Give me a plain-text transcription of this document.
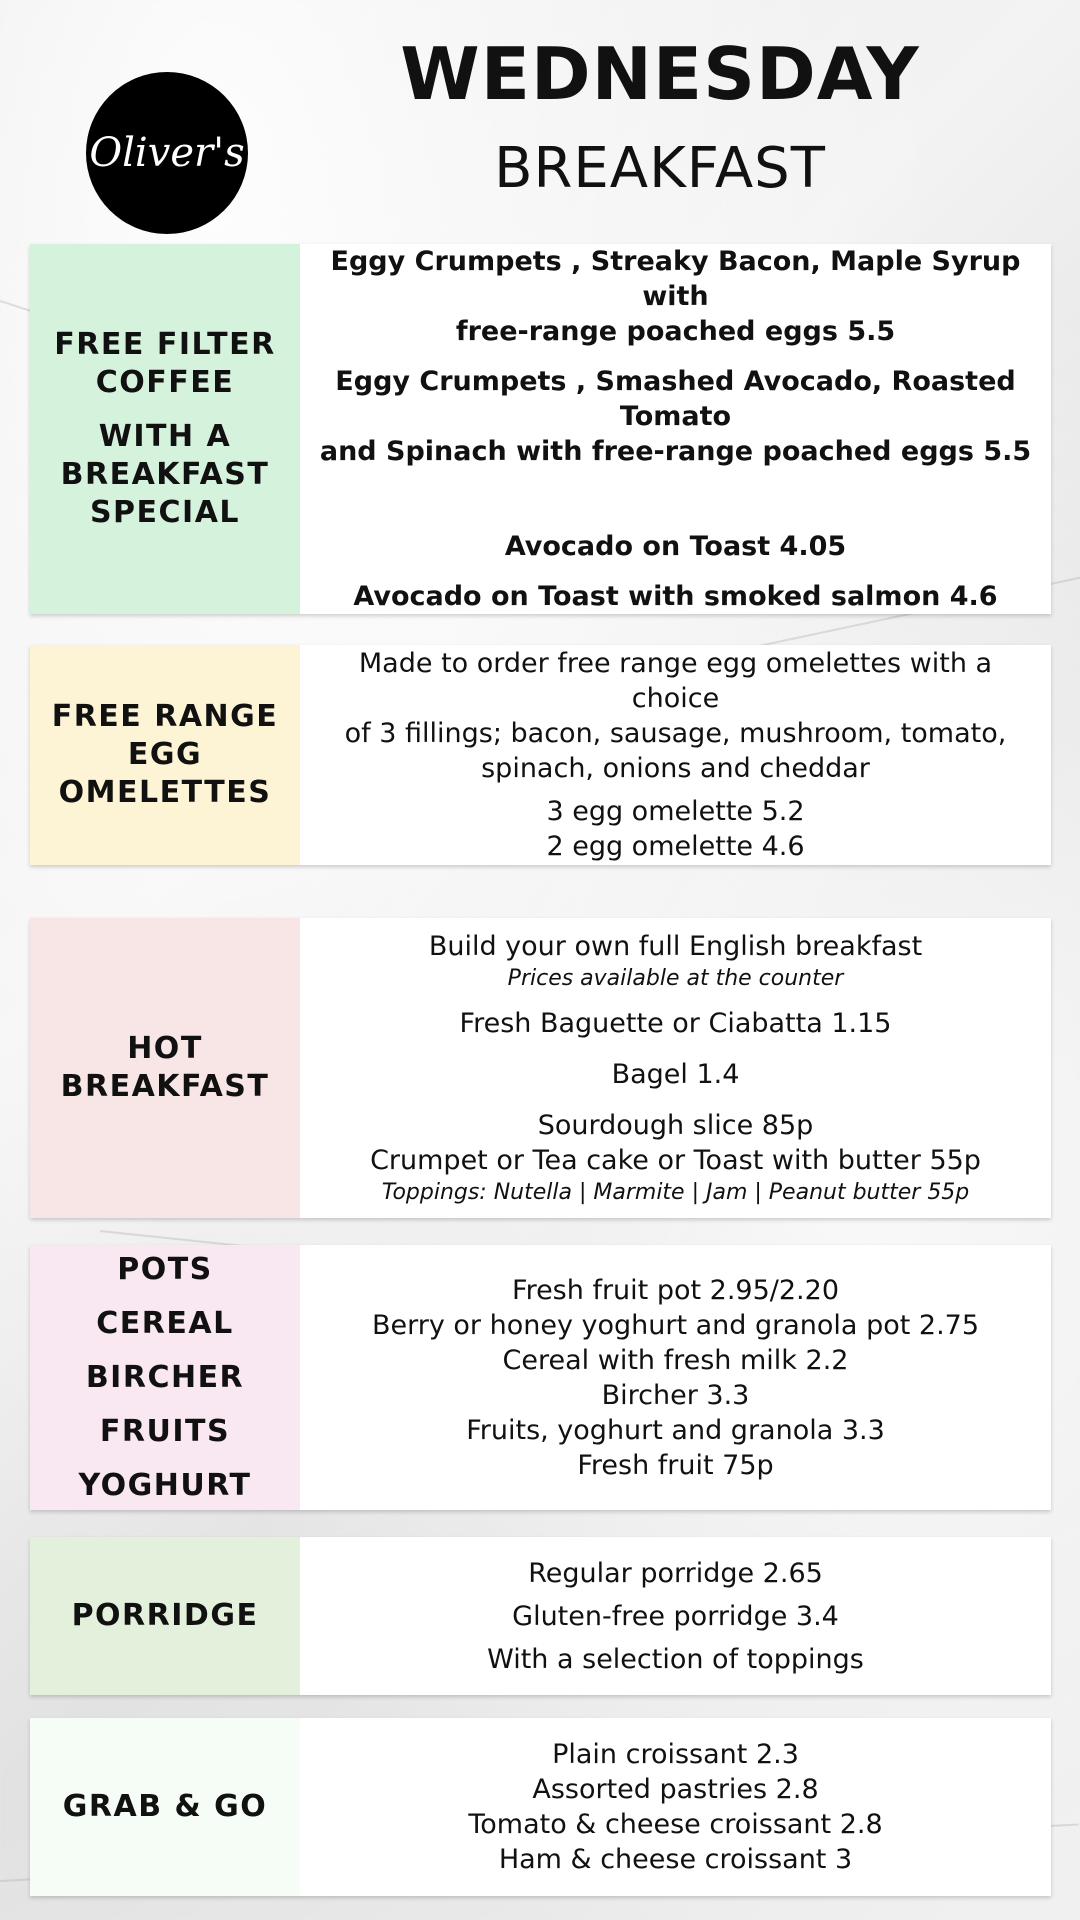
Oliver's
WEDNESDAY
BREAKFAST
FREE FILTER
COFFEE
WITH A
BREAKFAST
SPECIAL
Eggy Crumpets , Streaky Bacon, Maple Syrup with
free-range poached eggs 5.5
Eggy Crumpets , Smashed Avocado, Roasted Tomato
and Spinach with free-range poached eggs 5.5
Avocado on Toast 4.05
Avocado on Toast with smoked salmon 4.6
FREE RANGE
EGG
OMELETTES
Made to order free range egg omelettes with a choice
of 3 fillings; bacon, sausage, mushroom, tomato,
spinach, onions and cheddar
3 egg omelette 5.2
2 egg omelette 4.6
HOT
BREAKFAST
Build your own full English breakfast
Prices available at the counter
Fresh Baguette or Ciabatta 1.15
Bagel 1.4
Sourdough slice 85p
Crumpet or Tea cake or Toast with butter 55p
Toppings: Nutella | Marmite | Jam | Peanut butter 55p
POTS
CEREAL
BIRCHER
FRUITS
YOGHURT
Fresh fruit pot 2.95/2.20
Berry or honey yoghurt and granola pot 2.75
Cereal with fresh milk 2.2
Bircher 3.3
Fruits, yoghurt and granola 3.3
Fresh fruit 75p
PORRIDGE
Regular porridge 2.65
Gluten-free porridge 3.4
With a selection of toppings
GRAB & GO
Plain croissant 2.3
Assorted pastries 2.8
Tomato & cheese croissant 2.8
Ham & cheese croissant 3
